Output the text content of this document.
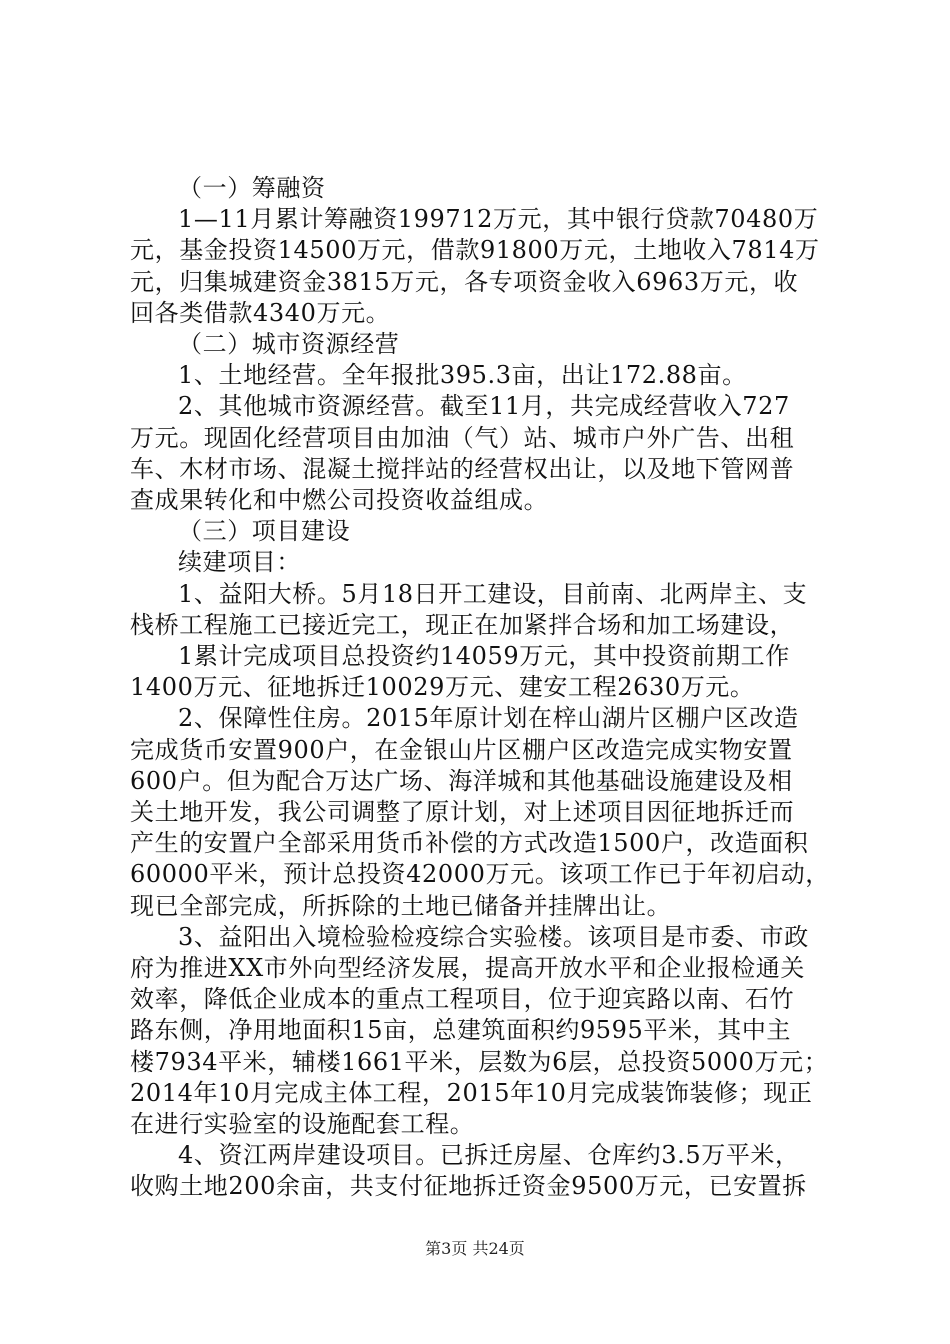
（一）筹融资
1—11月累计筹融资199712万元，其中银行贷款70480万
元，基金投资14500万元，借款91800万元，土地收入7814万
元，归集城建资金3815万元，各专项资金收入6963万元，收
回各类借款4340万元。
（二）城市资源经营
1、土地经营。全年报批395.3亩，出让172.88亩。
2、其他城市资源经营。截至11月，共完成经营收入727
万元。现固化经营项目由加油（气）站、城市户外广告、出租
车、木材市场、混凝土搅拌站的经营权出让，以及地下管网普
查成果转化和中燃公司投资收益组成。
（三）项目建设
续建项目：
1、益阳大桥。5月18日开工建设，目前南、北两岸主、支
栈桥工程施工已接近完工，现正在加紧拌合场和加工场建设，
1累计完成项目总投资约14059万元，其中投资前期工作
1400万元、征地拆迁10029万元、建安工程2630万元。
2、保障性住房。2015年原计划在梓山湖片区棚户区改造
完成货币安置900户，在金银山片区棚户区改造完成实物安置
600户。但为配合万达广场、海洋城和其他基础设施建设及相
关土地开发，我公司调整了原计划，对上述项目因征地拆迁而
产生的安置户全部采用货币补偿的方式改造1500户，改造面积
60000平米，预计总投资42000万元。该项工作已于年初启动，
现已全部完成，所拆除的土地已储备并挂牌出让。
3、益阳出入境检验检疫综合实验楼。该项目是市委、市政
府为推进XX市外向型经济发展，提高开放水平和企业报检通关
效率，降低企业成本的重点工程项目，位于迎宾路以南、石竹
路东侧，净用地面积15亩，总建筑面积约9595平米，其中主
楼7934平米，辅楼1661平米，层数为6层，总投资5000万元；
2014年10月完成主体工程，2015年10月完成装饰装修；现正
在进行实验室的设施配套工程。
4、资江两岸建设项目。已拆迁房屋、仓库约3.5万平米，
收购土地200余亩，共支付征地拆迁资金9500万元，已安置拆
第3页 共24页
